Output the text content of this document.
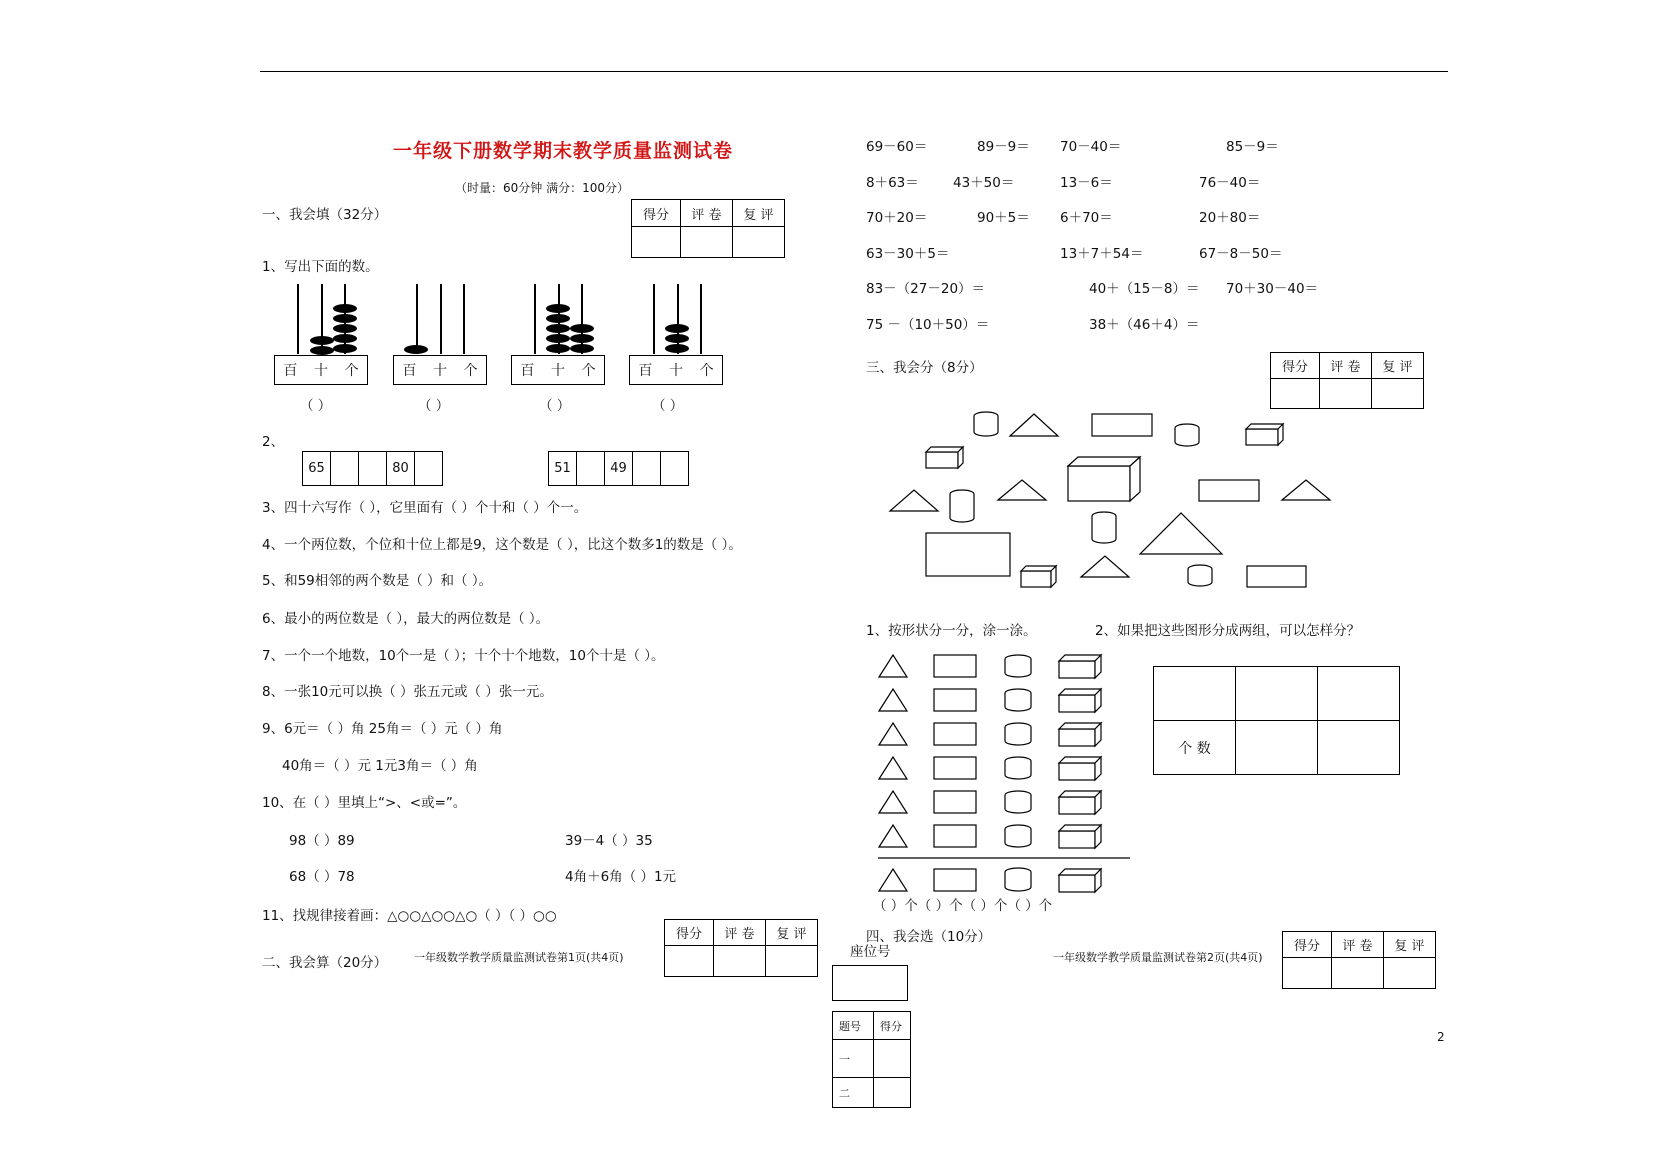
一年级下册数学期末教学质量监测试卷
（时量：60分钟 满分：100分）
一、我会填（32分）	得分	评 卷	复 评

1、写出下面的数。
百 十 个
（ ）
百 十 个
（ ）
百 十 个
（ ）
百 十 个
（ ）
2、
65			80		51		49		
3、四十六写作（ ），它里面有（ ）个十和（ ）个一。
4、一个两位数，个位和十位上都是9，这个数是（ ），比这个数多1的数是（ ）。
5、和59相邻的两个数是（ ）和（ ）。
6、最小的两位数是（ ），最大的两位数是（ ）。
7、一个一个地数，10个一是（ ）；十个十个地数，10个十是（ ）。
8、一张10元可以换（ ）张五元或（ ）张一元。
9、6元＝（ ）角 25角＝（ ）元（ ）角
40角＝（ ）元 1元3角＝（ ）角
10、在（ ）里填上“>、<或=”。
98（ ）89	39－4（ ）35
68（ ）78	4角＋6角（ ）1元
11、找规律接着画：△○○△○○△○（ ）（ ）○○
二、我会算（20分） 一年级数学教学质量监测试卷第1页(共4页)
得分	评 卷	复 评

座位号
题号	得分
一	
二	
69－60＝	89－9＝ 70－40＝	85－9＝
8＋63＝	43＋50＝	13－6＝	76－40＝
70＋20＝	90＋5＝ 6＋70＝	20＋80＝
63－30＋5＝	13＋7＋54＝	67－8－50＝
83－（27－20）＝	40＋（15－8）＝ 70＋30－40＝
75 －（10＋50）＝	38＋（46＋4）＝
三、我会分（8分）	得分	评 卷	复 评

1、按形状分一分，涂一涂。	2、如果把这些图形分成两组，可以怎样分？
（ ）个（ ）个（ ）个（ ）个

个 数		
四、我会选（10分）
一年级数学教学质量监测试卷第2页(共4页)
得分	评 卷	复 评

2
